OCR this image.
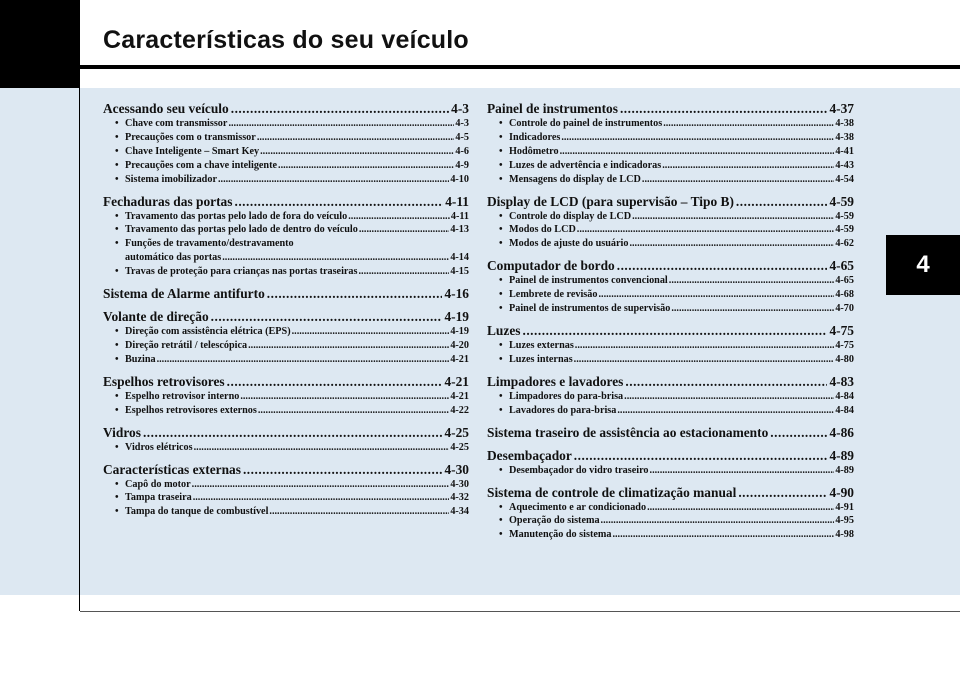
Características do seu veículo
4
Acessando seu veículo .....	4-3
• Chave com transmissor .....	4-3
• Precauções com o transmissor .....	4-5
• Chave Inteligente – Smart Key .....	4-6
• Precauções com a chave inteligente .....	4-9
• Sistema imobilizador .....	4-10
Fechaduras das portas .....	4-11
• Travamento das portas pelo lado de fora do veículo .....	4-11
• Travamento das portas pelo lado de dentro do veículo .....	4-13
• Funções de travamento/destravamento
automático das portas .....	4-14
• Travas de proteção para crianças nas portas traseiras .....	4-15
Sistema de Alarme antifurto .....	4-16
Volante de direção .....	4-19
• Direção com assistência elétrica (EPS) .....	4-19
• Direção retrátil / telescópica .....	4-20
• Buzina .....	4-21
Espelhos retrovisores .....	4-21
• Espelho retrovisor interno .....	4-21
• Espelhos retrovisores externos .....	4-22
Vidros .....	4-25
• Vidros elétricos .....	4-25
Características externas .....	4-30
• Capô do motor .....	4-30
• Tampa traseira .....	4-32
• Tampa do tanque de combustível .....	4-34
Painel de instrumentos .....	4-37
• Controle do painel de instrumentos .....	4-38
• Indicadores .....	4-38
• Hodômetro .....	4-41
• Luzes de advertência e indicadoras .....	4-43
• Mensagens do display de LCD .....	4-54
Display de LCD (para supervisão – Tipo B) .....	4-59
• Controle do display de LCD .....	4-59
• Modos do LCD .....	4-59
• Modos de ajuste do usuário .....	4-62
Computador de bordo .....	4-65
• Painel de instrumentos convencional .....	4-65
• Lembrete de revisão .....	4-68
• Painel de instrumentos de supervisão .....	4-70
Luzes .....	4-75
• Luzes externas .....	4-75
• Luzes internas .....	4-80
Limpadores e lavadores .....	4-83
• Limpadores do para-brisa .....	4-84
• Lavadores do para-brisa .....	4-84
Sistema traseiro de assistência ao estacionamento .....	4-86
Desembaçador .....	4-89
• Desembaçador do vidro traseiro .....	4-89
Sistema de controle de climatização manual .....	4-90
• Aquecimento e ar condicionado .....	4-91
• Operação do sistema .....	4-95
• Manutenção do sistema .....	4-98
